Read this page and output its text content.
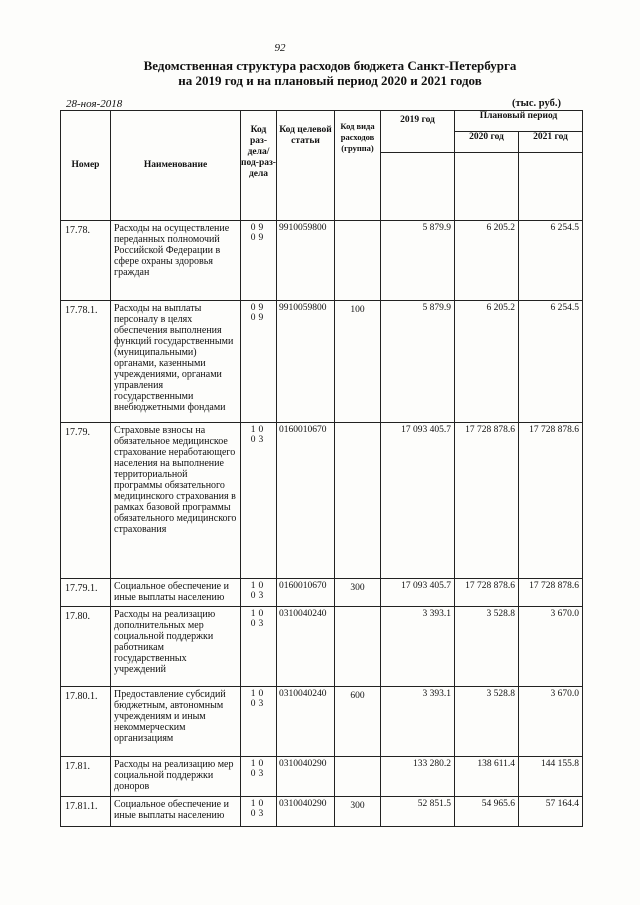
92
Ведомственная структура расходов бюджета Санкт-Петербурга
на 2019 год и на плановый период 2020 и 2021 годов
28-ноя-2018	(тыс. руб.)
Номер	Наименование	Код раз-дела/ под-раз-дела	Код целевой статьи	Код вида расходов (группа)	2019 год	Плановый период	
						2020 год	2021 год

17.78.	Расходы на осуществление переданных полномочий Российской Федерации в сфере охраны здоровья граждан	09 09	9910059800		5 879.9	6 205.2	6 254.5
17.78.1.	Расходы на выплаты персоналу в целях обеспечения выполнения функций государственными (муниципальными) органами, казенными учреждениями, органами управления государственными внебюджетными фондами	09 09	9910059800	100	5 879.9	6 205.2	6 254.5
17.79.	Страховые взносы на обязательное медицинское страхование неработающего населения на выполнение территориальной программы обязательного медицинского страхования в рамках базовой программы обязательного медицинского страхования	10 03	0160010670		17 093 405.7	17 728 878.6	17 728 878.6
17.79.1.	Социальное обеспечение и иные выплаты населению	10 03	0160010670	300	17 093 405.7	17 728 878.6	17 728 878.6
17.80.	Расходы на реализацию дополнительных мер социальной поддержки работникам государственных учреждений	10 03	0310040240		3 393.1	3 528.8	3 670.0
17.80.1.	Предоставление субсидий бюджетным, автономным учреждениям и иным некоммерческим организациям	10 03	0310040240	600	3 393.1	3 528.8	3 670.0
17.81.	Расходы на реализацию мер социальной поддержки доноров	10 03	0310040290		133 280.2	138 611.4	144 155.8
17.81.1.	Социальное обеспечение и иные выплаты населению	10 03	0310040290	300	52 851.5	54 965.6	57 164.4
